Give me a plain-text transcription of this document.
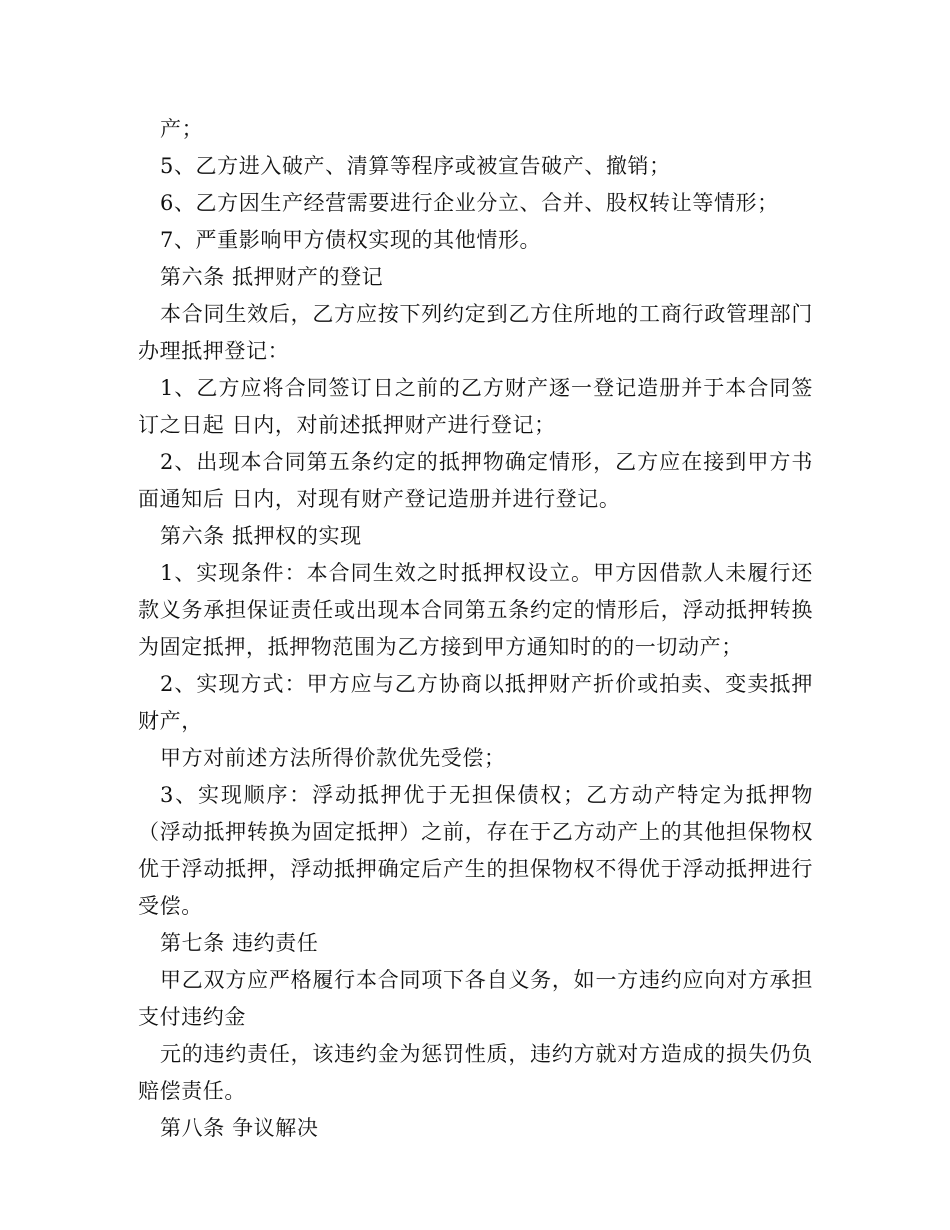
产；

5、乙方进入破产、清算等程序或被宣告破产、撤销；

6、乙方因生产经营需要进行企业分立、合并、股权转让等情形；

7、严重影响甲方债权实现的其他情形。

第六条 抵押财产的登记

本合同生效后，乙方应按下列约定到乙方住所地的工商行政管理部门办理抵押登记：

1、乙方应将合同签订日之前的乙方财产逐一登记造册并于本合同签订之日起 日内，对前述抵押财产进行登记；

2、出现本合同第五条约定的抵押物确定情形，乙方应在接到甲方书面通知后 日内，对现有财产登记造册并进行登记。

第六条 抵押权的实现

1、实现条件：本合同生效之时抵押权设立。甲方因借款人未履行还款义务承担保证责任或出现本合同第五条约定的情形后，浮动抵押转换为固定抵押，抵押物范围为乙方接到甲方通知时的的一切动产；

2、实现方式：甲方应与乙方协商以抵押财产折价或拍卖、变卖抵押财产，

甲方对前述方法所得价款优先受偿；

3、实现顺序：浮动抵押优于无担保债权；乙方动产特定为抵押物（浮动抵押转换为固定抵押）之前，存在于乙方动产上的其他担保物权优于浮动抵押，浮动抵押确定后产生的担保物权不得优于浮动抵押进行受偿。

第七条 违约责任

甲乙双方应严格履行本合同项下各自义务，如一方违约应向对方承担支付违约金

元的违约责任，该违约金为惩罚性质，违约方就对方造成的损失仍负赔偿责任。

第八条 争议解决
